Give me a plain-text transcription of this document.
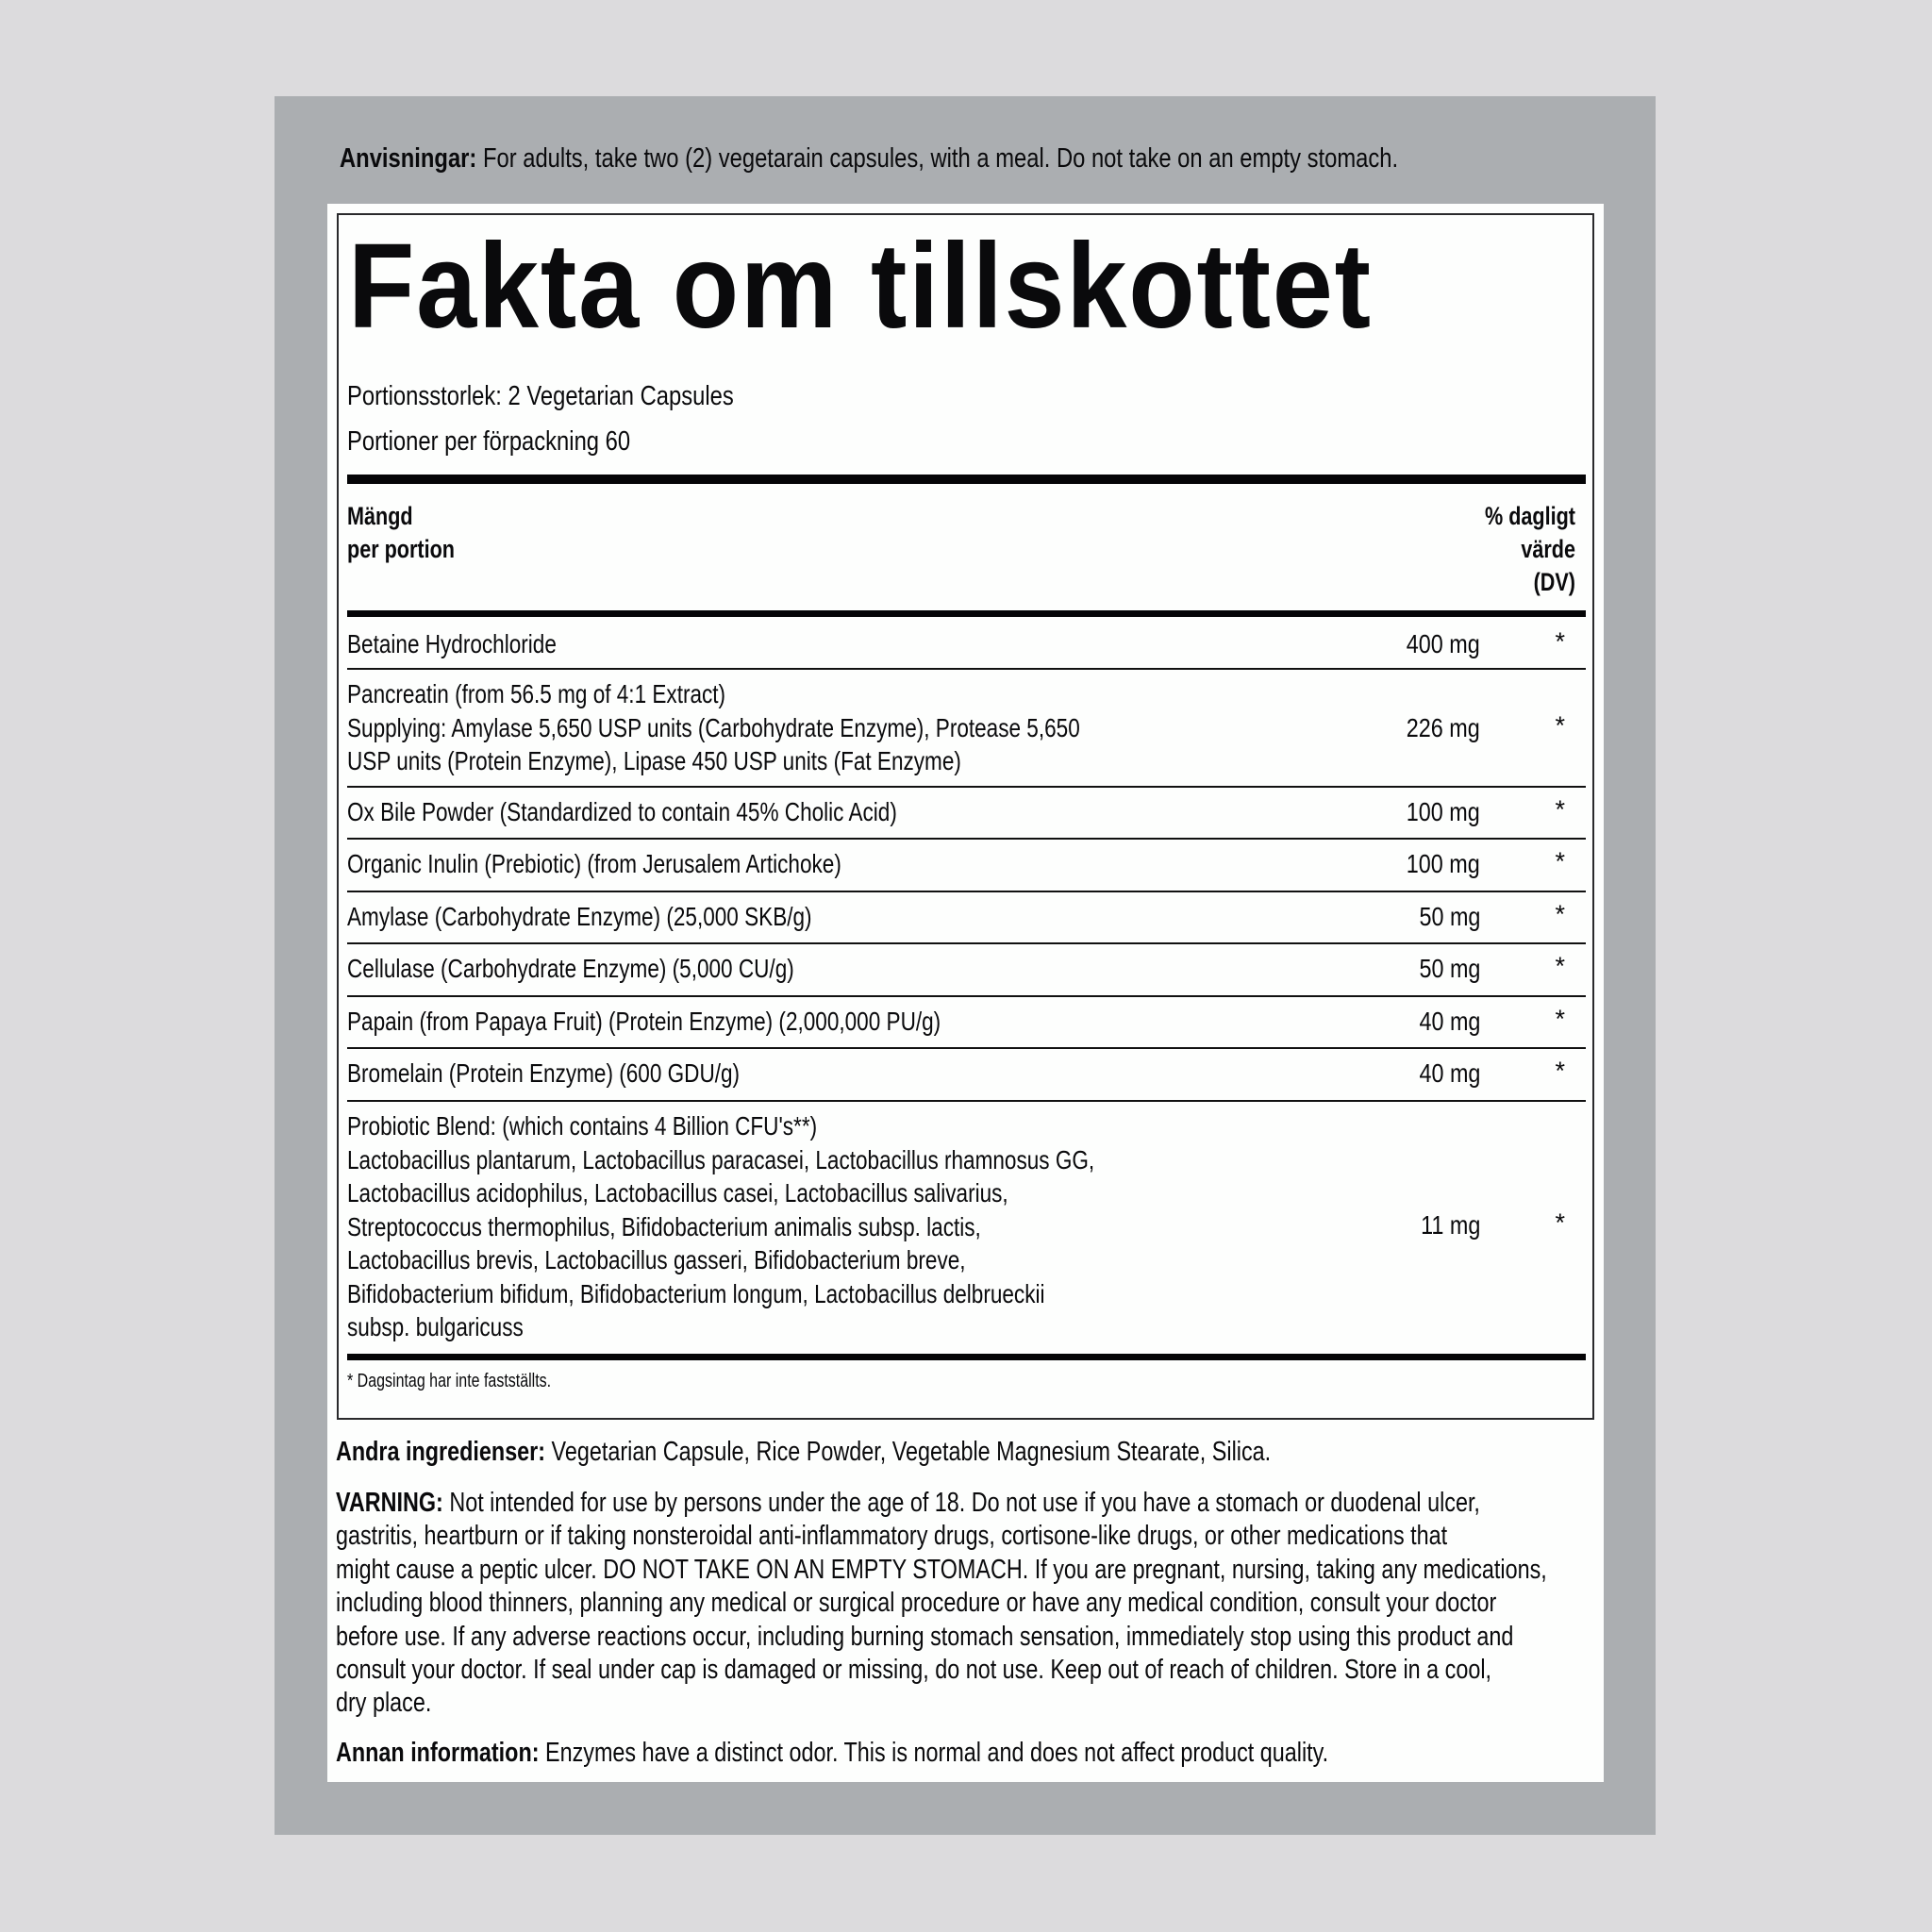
Anvisningar: For adults, take two (2) vegetarain capsules, with a meal. Do not take on an empty stomach.
Fakta om tillskottet
Portionsstorlek: 2 Vegetarian Capsules
Portioner per förpackning 60
Mängd
per portion
% dagligt
värde
(DV)
Betaine Hydrochloride	400 mg	*
Pancreatin (from 56.5 mg of 4:1 Extract)
Supplying: Amylase 5,650 USP units (Carbohydrate Enzyme), Protease 5,650
USP units (Protein Enzyme), Lipase 450 USP units (Fat Enzyme)
226 mg	*
Ox Bile Powder (Standardized to contain 45% Cholic Acid)	100 mg	*
Organic Inulin (Prebiotic) (from Jerusalem Artichoke)	100 mg	*
Amylase (Carbohydrate Enzyme) (25,000 SKB/g)	50 mg	*
Cellulase (Carbohydrate Enzyme) (5,000 CU/g)	50 mg	*
Papain (from Papaya Fruit) (Protein Enzyme) (2,000,000 PU/g)	40 mg	*
Bromelain (Protein Enzyme) (600 GDU/g)	40 mg	*
Probiotic Blend: (which contains 4 Billion CFU's**)
Lactobacillus plantarum, Lactobacillus paracasei, Lactobacillus rhamnosus GG,
Lactobacillus acidophilus, Lactobacillus casei, Lactobacillus salivarius,
Streptococcus thermophilus, Bifidobacterium animalis subsp. lactis,
Lactobacillus brevis, Lactobacillus gasseri, Bifidobacterium breve,
Bifidobacterium bifidum, Bifidobacterium longum, Lactobacillus delbrueckii
subsp. bulgaricuss
11 mg	*
* Dagsintag har inte fastställts.
Andra ingredienser: Vegetarian Capsule, Rice Powder, Vegetable Magnesium Stearate, Silica.
VARNING: Not intended for use by persons under the age of 18. Do not use if you have a stomach or duodenal ulcer,
gastritis, heartburn or if taking nonsteroidal anti-inflammatory drugs, cortisone-like drugs, or other medications that
might cause a peptic ulcer. DO NOT TAKE ON AN EMPTY STOMACH. If you are pregnant, nursing, taking any medications,
including blood thinners, planning any medical or surgical procedure or have any medical condition, consult your doctor
before use. If any adverse reactions occur, including burning stomach sensation, immediately stop using this product and
consult your doctor. If seal under cap is damaged or missing, do not use. Keep out of reach of children. Store in a cool,
dry place.
Annan information: Enzymes have a distinct odor. This is normal and does not affect product quality.
